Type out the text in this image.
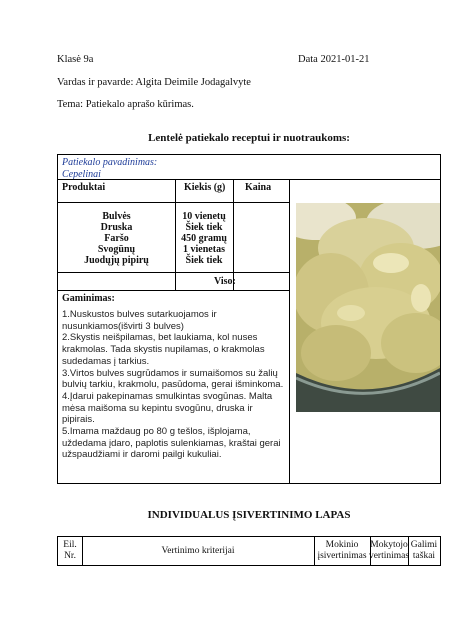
Klasė 9a	Data 2021-01-21
Vardas ir pavarde: Algita Deimile Jodagalvyte
Tema: Patiekalo aprašo kūrimas.
Lentelė patiekalo receptui ir nuotraukoms:
Patiekalo pavadinimas:
Cepelinai
Produktai	Kiekis (g) Kaina
Bulvės
Druska
Faršo
Svogūnų
Juodųjų pipirų
10 vienetų
Šiek tiek
450 gramų
1 vienetas
Šiek tiek
Viso:
Gaminimas:

1.Nuskustos bulves sutarkuojamos ir nusunkiamos(išvirti 3 bulves)

2.Skystis neišpilamas, bet laukiama, kol nuses krakmolas. Tada skystis nupilamas, o krakmolas sudedamas į tarkius.

3.Virtos bulves sugrūdamos ir sumaišomos su žalių bulvių tarkiu, krakmolu, pasūdoma, gerai išminkoma.

4.Įdarui pakepinamas smulkintas svogūnas. Malta mėsa maišoma su kepintu svogūnu, druska ir pipirais.

5.Imama maždaug po 80 g tešlos, išplojama, uždedama įdaro, paplotis sulenkiamas, kraštai gerai užspaudžiami ir daromi pailgi kukuliai.

INDIVIDUALUS ĮSIVERTINIMO LAPAS
Eil. Nr.
Vertinimo kriterijai
Mokinio įsivertinimas
Mokytojo vertinimas
Galimi taškai
